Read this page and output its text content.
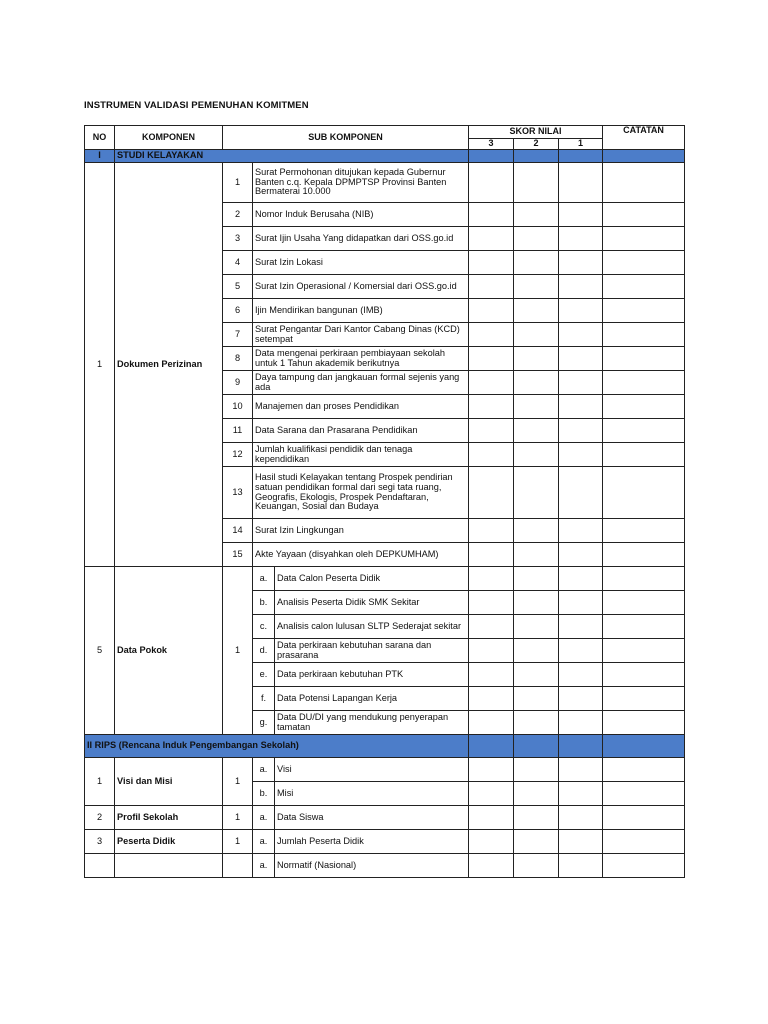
INSTRUMEN VALIDASI PEMENUHAN KOMITMEN
NO	KOMPONEN	SUB KOMPONEN			SKOR NILAI			CATATAN
					3	2	1	
I	STUDI KELAYAKAN							
1	Dokumen Perizinan	1	Surat Permohonan ditujukan kepada Gubernur Banten c.q. Kepala DPMPTSP Provinsi Banten Bermaterai 10.000					
		2	Nomor Induk Berusaha (NIB)					
		3	Surat Ijin Usaha Yang didapatkan dari OSS.go.id					
		4	Surat Izin Lokasi					
		5	Surat Izin Operasional / Komersial dari OSS.go.id					
		6	Ijin Mendirikan bangunan (IMB)					
		7	Surat Pengantar Dari Kantor Cabang Dinas (KCD) setempat					
		8	Data mengenai perkiraan pembiayaan sekolah untuk 1 Tahun akademik berikutnya					
		9	Daya tampung dan jangkauan formal sejenis yang ada					
		10	Manajemen dan proses Pendidikan					
		11	Data Sarana dan Prasarana Pendidikan					
		12	Jumlah kualifikasi pendidik dan tenaga kependidikan					
		13	Hasil studi Kelayakan tentang Prospek pendirian satuan pendidikan formal dari segi tata ruang, Geografis, Ekologis, Prospek Pendaftaran, Keuangan, Sosial dan Budaya					
		14	Surat Izin Lingkungan					
		15	Akte Yayaan (disyahkan oleh DEPKUMHAM)					
5	Data Pokok	1	a.	Data Calon Peserta Didik				
			b.	Analisis Peserta Didik SMK Sekitar				
			c.	Analisis calon lulusan SLTP Sederajat sekitar				
			d.	Data perkiraan kebutuhan sarana dan prasarana				
			e.	Data perkiraan kebutuhan PTK				
			f.	Data Potensi Lapangan Kerja				
			g.	Data DU/DI yang mendukung penyerapan tamatan				
II RIPS (Rencana Induk Pengembangan Sekolah)								
1	Visi dan Misi	1	a.	Visi				
			b.	Misi				
2	Profil Sekolah	1	a.	Data Siswa				
3	Peserta Didik	1	a.	Jumlah Peserta Didik				
			a.	Normatif (Nasional)				
